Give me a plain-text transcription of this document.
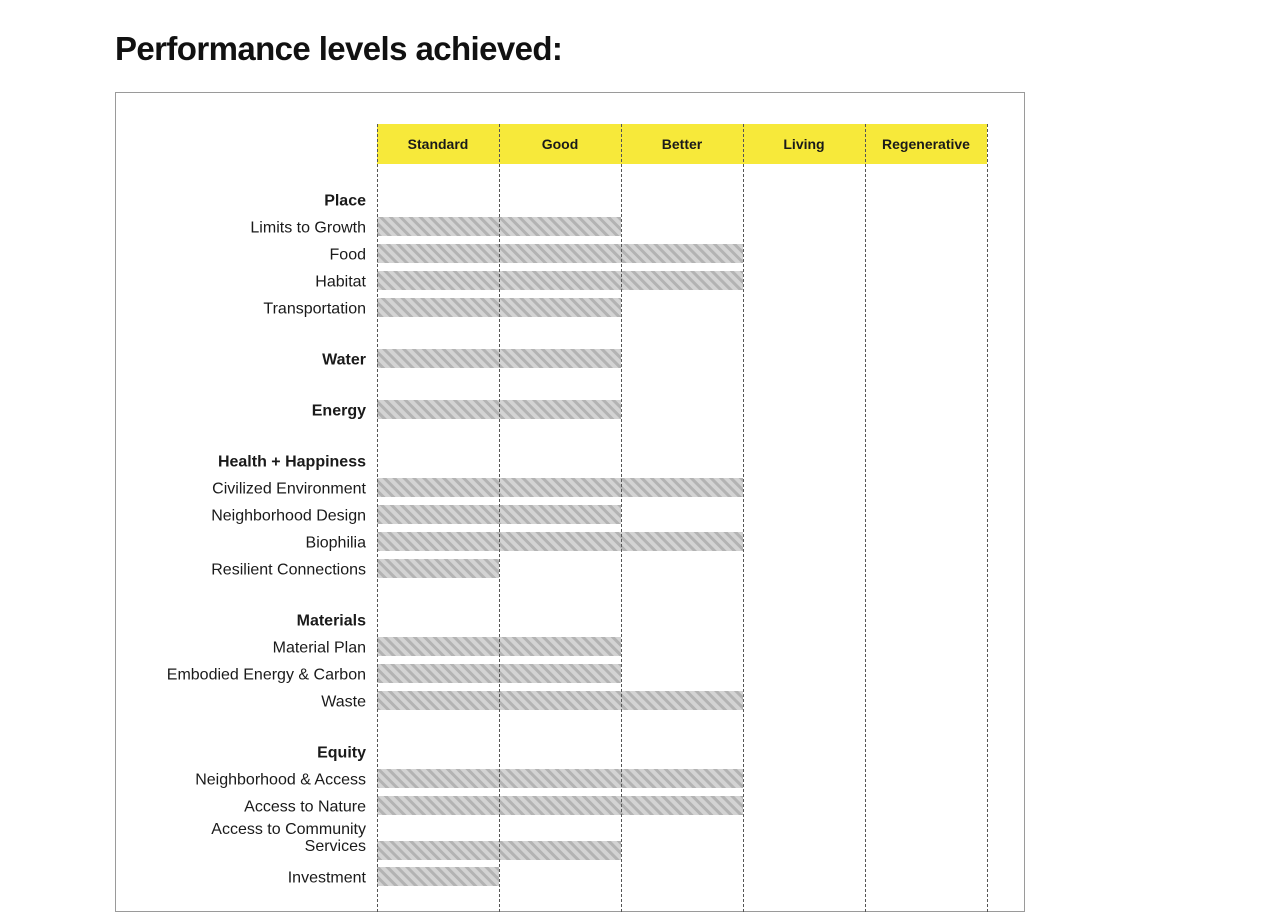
Performance levels achieved:
Standard	Good	Better	Living	Regenerative
Place
Limits to Growth
Food
Habitat
Transportation
Water
Energy
Health + Happiness
Civilized Environment
Neighborhood Design
Biophilia
Resilient Connections
Materials
Material Plan
Embodied Energy & Carbon
Waste
Equity
Neighborhood & Access
Access to Nature
Access to Community
Services
Investment
